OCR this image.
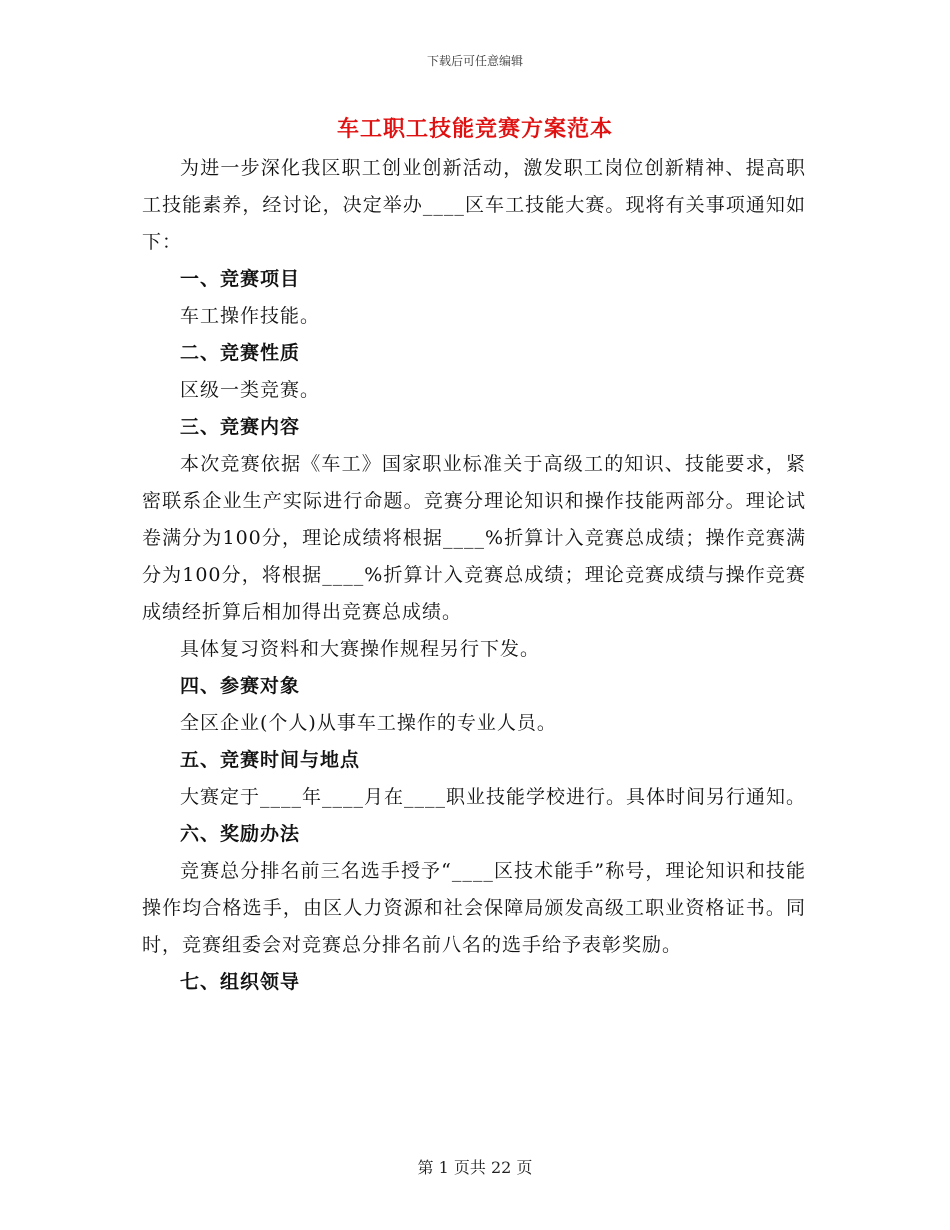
下载后可任意编辑
车工职工技能竞赛方案范本

为进一步深化我区职工创业创新活动，激发职工岗位创新精神、提高职工技能素养，经讨论，决定举办____区车工技能大赛。现将有关事项通知如下：

一、竞赛项目

车工操作技能。

二、竞赛性质

区级一类竞赛。

三、竞赛内容

本次竞赛依据《车工》国家职业标准关于高级工的知识、技能要求，紧密联系企业生产实际进行命题。竞赛分理论知识和操作技能两部分。理论试卷满分为100分，理论成绩将根据____%折算计入竞赛总成绩；操作竞赛满分为100分，将根据____%折算计入竞赛总成绩；理论竞赛成绩与操作竞赛成绩经折算后相加得出竞赛总成绩。

具体复习资料和大赛操作规程另行下发。

四、参赛对象

全区企业(个人)从事车工操作的专业人员。

五、竞赛时间与地点

大赛定于____年____月在____职业技能学校进行。具体时间另行通知。

六、奖励办法

竞赛总分排名前三名选手授予“____区技术能手”称号，理论知识和技能操作均合格选手，由区人力资源和社会保障局颁发高级工职业资格证书。同时，竞赛组委会对竞赛总分排名前八名的选手给予表彰奖励。

七、组织领导

第 1 页共 22 页
